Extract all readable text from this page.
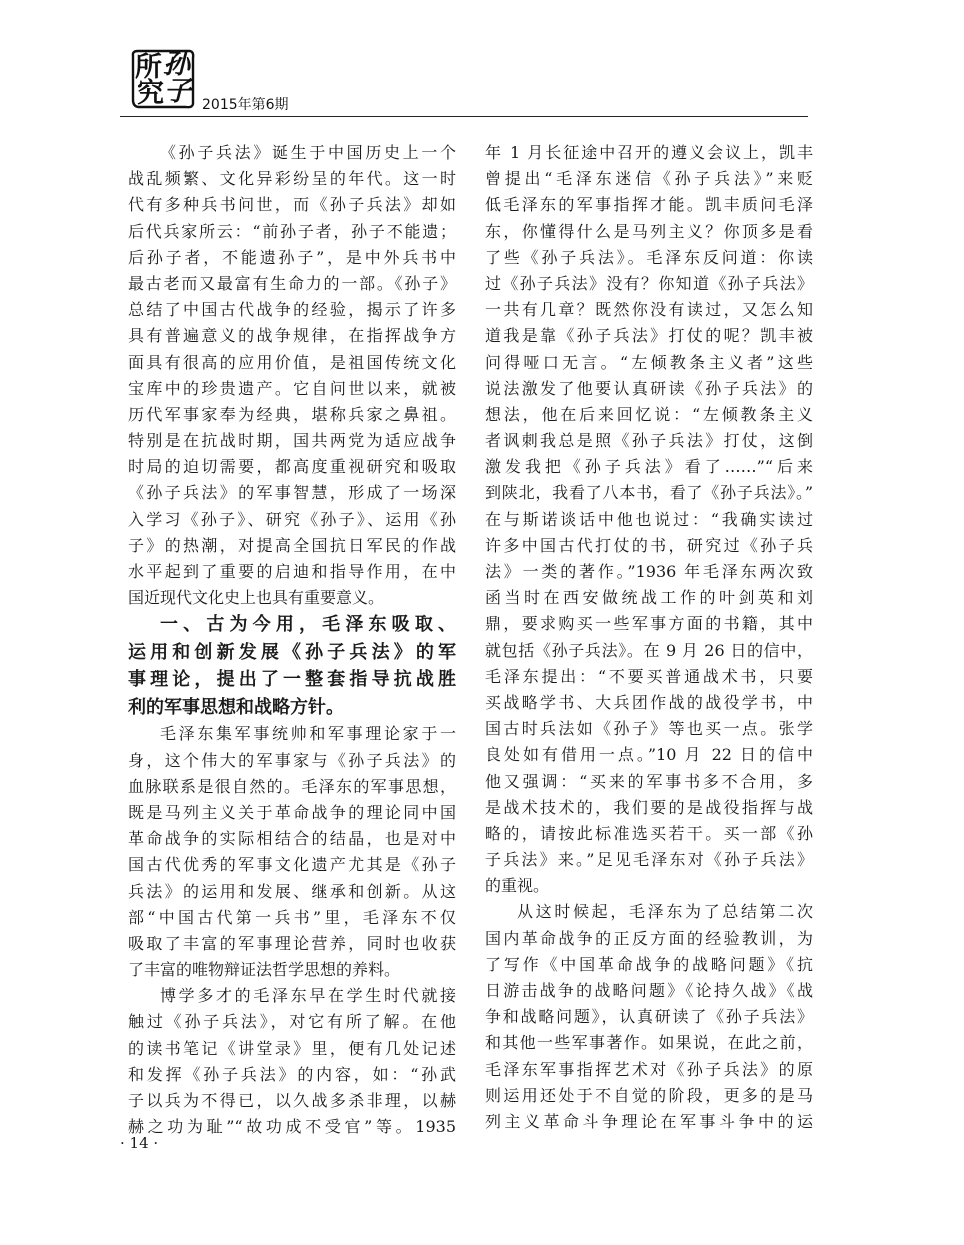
所 孙
究 子 2015年第6期
《孙子兵法》诞生于中国历史上一个
战乱频繁、文化异彩纷呈的年代。这一时
代有多种兵书问世，而《孙子兵法》却如
后代兵家所云：“前孙子者，孙子不能遗；
后孙子者，不能遗孙子”，是中外兵书中
最古老而又最富有生命力的一部。《孙子》
总结了中国古代战争的经验，揭示了许多
具有普遍意义的战争规律，在指挥战争方
面具有很高的应用价值，是祖国传统文化
宝库中的珍贵遗产。它自问世以来，就被
历代军事家奉为经典，堪称兵家之鼻祖。
特别是在抗战时期，国共两党为适应战争
时局的迫切需要，都高度重视研究和吸取
《孙子兵法》的军事智慧，形成了一场深
入学习《孙子》、研究《孙子》、运用《孙
子》的热潮，对提高全国抗日军民的作战
水平起到了重要的启迪和指导作用，在中
国近现代文化史上也具有重要意义。
一、古为今用，毛泽东吸取、
运用和创新发展《孙子兵法》的军
事理论，提出了一整套指导抗战胜
利的军事思想和战略方针。
毛泽东集军事统帅和军事理论家于一
身，这个伟大的军事家与《孙子兵法》的
血脉联系是很自然的。毛泽东的军事思想，
既是马列主义关于革命战争的理论同中国
革命战争的实际相结合的结晶，也是对中
国古代优秀的军事文化遗产尤其是《孙子
兵法》的运用和发展、继承和创新。从这
部“中国古代第一兵书”里，毛泽东不仅
吸取了丰富的军事理论营养，同时也收获
了丰富的唯物辩证法哲学思想的养料。
博学多才的毛泽东早在学生时代就接
触过《孙子兵法》，对它有所了解。在他
的读书笔记《讲堂录》里，便有几处记述
和发挥《孙子兵法》的内容，如：“孙武
子以兵为不得已，以久战多杀非理，以赫
赫之功为耻”“故功成不受官”等。1935
年 1 月长征途中召开的遵义会议上，凯丰
曾提出“毛泽东迷信《孙子兵法》”来贬
低毛泽东的军事指挥才能。凯丰质问毛泽
东，你懂得什么是马列主义？你顶多是看
了些《孙子兵法》。毛泽东反问道：你读
过《孙子兵法》没有？你知道《孙子兵法》
一共有几章？既然你没有读过，又怎么知
道我是靠《孙子兵法》打仗的呢？凯丰被
问得哑口无言。“左倾教条主义者”这些
说法激发了他要认真研读《孙子兵法》的
想法，他在后来回忆说：“左倾教条主义
者讽刺我总是照《孙子兵法》打仗，这倒
激发我把《孙子兵法》看了……”“后来
到陕北，我看了八本书，看了《孙子兵法》。”
在与斯诺谈话中他也说过：“我确实读过
许多中国古代打仗的书，研究过《孙子兵
法》一类的著作。”1936 年毛泽东两次致
函当时在西安做统战工作的叶剑英和刘
鼎，要求购买一些军事方面的书籍，其中
就包括《孙子兵法》。在 9 月 26 日的信中，
毛泽东提出：“不要买普通战术书，只要
买战略学书、大兵团作战的战役学书，中
国古时兵法如《孙子》等也买一点。张学
良处如有借用一点。”10 月 22 日的信中
他又强调：“买来的军事书多不合用，多
是战术技术的，我们要的是战役指挥与战
略的，请按此标准选买若干。买一部《孙
子兵法》来。”足见毛泽东对《孙子兵法》
的重视。
从这时候起，毛泽东为了总结第二次
国内革命战争的正反方面的经验教训，为
了写作《中国革命战争的战略问题》《抗
日游击战争的战略问题》《论持久战》《战
争和战略问题》，认真研读了《孙子兵法》
和其他一些军事著作。如果说，在此之前，
毛泽东军事指挥艺术对《孙子兵法》的原
则运用还处于不自觉的阶段，更多的是马
列主义革命斗争理论在军事斗争中的运
· 14 ·
